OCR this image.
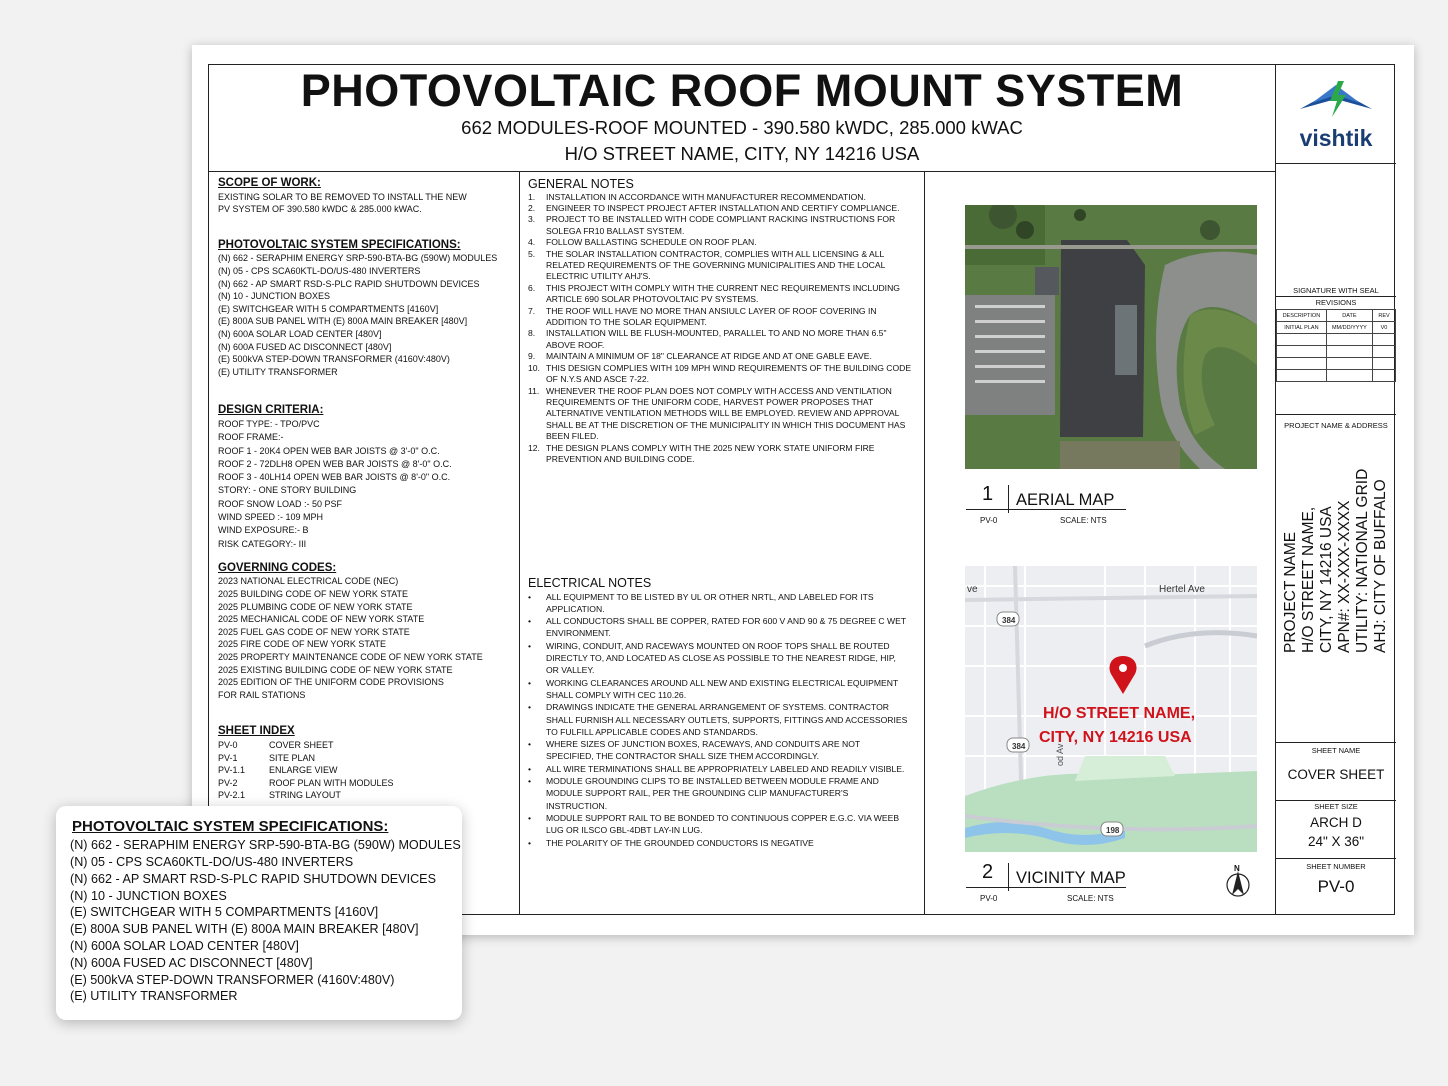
PHOTOVOLTAIC ROOF MOUNT SYSTEM
662 MODULES-ROOF MOUNTED - 390.580 kWDC, 285.000 kWAC
H/O STREET NAME, CITY, NY 14216 USA
SCOPE OF WORK:
EXISTING SOLAR TO BE REMOVED TO INSTALL THE NEW
PV SYSTEM OF 390.580 kWDC & 285.000 kWAC.
PHOTOVOLTAIC SYSTEM SPECIFICATIONS:
(N) 662 - SERAPHIM ENERGY SRP-590-BTA-BG (590W) MODULES
(N) 05 - CPS SCA60KTL-DO/US-480 INVERTERS
(N) 662 - AP SMART RSD-S-PLC RAPID SHUTDOWN DEVICES
(N) 10 - JUNCTION BOXES
(E) SWITCHGEAR WITH 5 COMPARTMENTS [4160V]
(E) 800A SUB PANEL WITH (E) 800A MAIN BREAKER [480V]
(N) 600A SOLAR LOAD CENTER [480V]
(N) 600A FUSED AC DISCONNECT [480V]
(E) 500kVA STEP-DOWN TRANSFORMER (4160V:480V)
(E) UTILITY TRANSFORMER
DESIGN CRITERIA:
ROOF TYPE: - TPO/PVC
ROOF FRAME:-
ROOF 1 - 20K4 OPEN WEB BAR JOISTS @ 3'-0" O.C.
ROOF 2 - 72DLH8 OPEN WEB BAR JOISTS @ 8'-0" O.C.
ROOF 3 - 40LH14 OPEN WEB BAR JOISTS @ 8'-0" O.C.
STORY: - ONE STORY BUILDING
ROOF SNOW LOAD :- 50 PSF
WIND SPEED :- 109 MPH
WIND EXPOSURE:- B
RISK CATEGORY:- III
GOVERNING CODES:
2023 NATIONAL ELECTRICAL CODE (NEC)
2025 BUILDING CODE OF NEW YORK STATE
2025 PLUMBING CODE OF NEW YORK STATE
2025 MECHANICAL CODE OF NEW YORK STATE
2025 FUEL GAS CODE OF NEW YORK STATE
2025 FIRE CODE OF NEW YORK STATE
2025 PROPERTY MAINTENANCE CODE OF NEW YORK STATE
2025 EXISTING BUILDING CODE OF NEW YORK STATE
2025 EDITION OF THE UNIFORM CODE PROVISIONS
FOR RAIL STATIONS
SHEET INDEX
PV-0	COVER SHEET
PV-1	SITE PLAN
PV-1.1	ENLARGE VIEW
PV-2	ROOF PLAN WITH MODULES
PV-2.1	STRING LAYOUT
GENERAL NOTES
1.	INSTALLATION IN ACCORDANCE WITH MANUFACTURER RECOMMENDATION.
2.	ENGINEER TO INSPECT PROJECT AFTER INSTALLATION AND CERTIFY COMPLIANCE.
3.	PROJECT TO BE INSTALLED WITH CODE COMPLIANT RACKING INSTRUCTIONS FOR
SOLEGA FR10 BALLAST SYSTEM.
4.	FOLLOW BALLASTING SCHEDULE ON ROOF PLAN.
5.	THE SOLAR INSTALLATION CONTRACTOR, COMPLIES WITH ALL LICENSING & ALL
RELATED REQUIREMENTS OF THE GOVERNING MUNICIPALITIES AND THE LOCAL
ELECTRIC UTILITY AHJ'S.
6.	THIS PROJECT WITH COMPLY WITH THE CURRENT NEC REQUIREMENTS INCLUDING
ARTICLE 690 SOLAR PHOTOVOLTAIC PV SYSTEMS.
7.	THE ROOF WILL HAVE NO MORE THAN ANSIULC LAYER OF ROOF COVERING IN
ADDITION TO THE SOLAR EQUIPMENT.
8.	INSTALLATION WILL BE FLUSH-MOUNTED, PARALLEL TO AND NO MORE THAN 6.5"
ABOVE ROOF.
9.	MAINTAIN A MINIMUM OF 18" CLEARANCE AT RIDGE AND AT ONE GABLE EAVE.
10. THIS DESIGN COMPLIES WITH 109 MPH WIND REQUIREMENTS OF THE BUILDING CODE
OF N.Y.S AND ASCE 7-22.
11. WHENEVER THE ROOF PLAN DOES NOT COMPLY WITH ACCESS AND VENTILATION
REQUIREMENTS OF THE UNIFORM CODE, HARVEST POWER PROPOSES THAT
ALTERNATIVE VENTILATION METHODS WILL BE EMPLOYED. REVIEW AND APPROVAL
SHALL BE AT THE DISCRETION OF THE MUNICIPALITY IN WHICH THIS DOCUMENT HAS
BEEN FILED.
12. THE DESIGN PLANS COMPLY WITH THE 2025 NEW YORK STATE UNIFORM FIRE
PREVENTION AND BUILDING CODE.
ELECTRICAL NOTES
•	ALL EQUIPMENT TO BE LISTED BY UL OR OTHER NRTL, AND LABELED FOR ITS
APPLICATION.
•	ALL CONDUCTORS SHALL BE COPPER, RATED FOR 600 V AND 90 & 75 DEGREE C WET
ENVIRONMENT.
•	WIRING, CONDUIT, AND RACEWAYS MOUNTED ON ROOF TOPS SHALL BE ROUTED
DIRECTLY TO, AND LOCATED AS CLOSE AS POSSIBLE TO THE NEAREST RIDGE, HIP,
OR VALLEY.
•	WORKING CLEARANCES AROUND ALL NEW AND EXISTING ELECTRICAL EQUIPMENT
SHALL COMPLY WITH CEC 110.26.
•	DRAWINGS INDICATE THE GENERAL ARRANGEMENT OF SYSTEMS. CONTRACTOR
SHALL FURNISH ALL NECESSARY OUTLETS, SUPPORTS, FITTINGS AND ACCESSORIES
TO FULFILL APPLICABLE CODES AND STANDARDS.
•	WHERE SIZES OF JUNCTION BOXES, RACEWAYS, AND CONDUITS ARE NOT
SPECIFIED, THE CONTRACTOR SHALL SIZE THEM ACCORDINGLY.
•	ALL WIRE TERMINATIONS SHALL BE APPROPRIATELY LABELED AND READILY VISIBLE.
•	MODULE GROUNDING CLIPS TO BE INSTALLED BETWEEN MODULE FRAME AND
MODULE SUPPORT RAIL, PER THE GROUNDING CLIP MANUFACTURER'S
INSTRUCTION.
•	MODULE SUPPORT RAIL TO BE BONDED TO CONTINUOUS COPPER E.G.C. VIA WEEB
LUG OR ILSCO GBL-4DBT LAY-IN LUG.
•	THE POLARITY OF THE GROUNDED CONDUCTORS IS NEGATIVE
1 AERIAL MAP
PV-0	SCALE: NTS
ve	Hertel Ave
od Av
384
384
198
H/O STREET NAME,
CITY, NY 14216 USA
2 VICINITY MAP
PV-0	SCALE: NTS
N
vishtik
SIGNATURE WITH SEAL
REVISIONS
DESCRIPTION	DATE	REV
INITIAL PLAN	MM/DD/YYYY	V0

PROJECT NAME & ADDRESS
PROJECT NAME H/O STREET NAME, CITY, NY 14216 USA APN#: XX-XXX-XXXX UTILITY: NATIONAL GRID AHJ: CITY OF BUFFALO
SHEET NAME
COVER SHEET
SHEET SIZE
ARCH D
24" X 36"
SHEET NUMBER
PV-0
PHOTOVOLTAIC SYSTEM SPECIFICATIONS:
(N) 662 - SERAPHIM ENERGY SRP-590-BTA-BG (590W) MODULES
(N) 05 - CPS SCA60KTL-DO/US-480 INVERTERS
(N) 662 - AP SMART RSD-S-PLC RAPID SHUTDOWN DEVICES
(N) 10 - JUNCTION BOXES
(E) SWITCHGEAR WITH 5 COMPARTMENTS [4160V]
(E) 800A SUB PANEL WITH (E) 800A MAIN BREAKER [480V]
(N) 600A SOLAR LOAD CENTER [480V]
(N) 600A FUSED AC DISCONNECT [480V]
(E) 500kVA STEP-DOWN TRANSFORMER (4160V:480V)
(E) UTILITY TRANSFORMER
